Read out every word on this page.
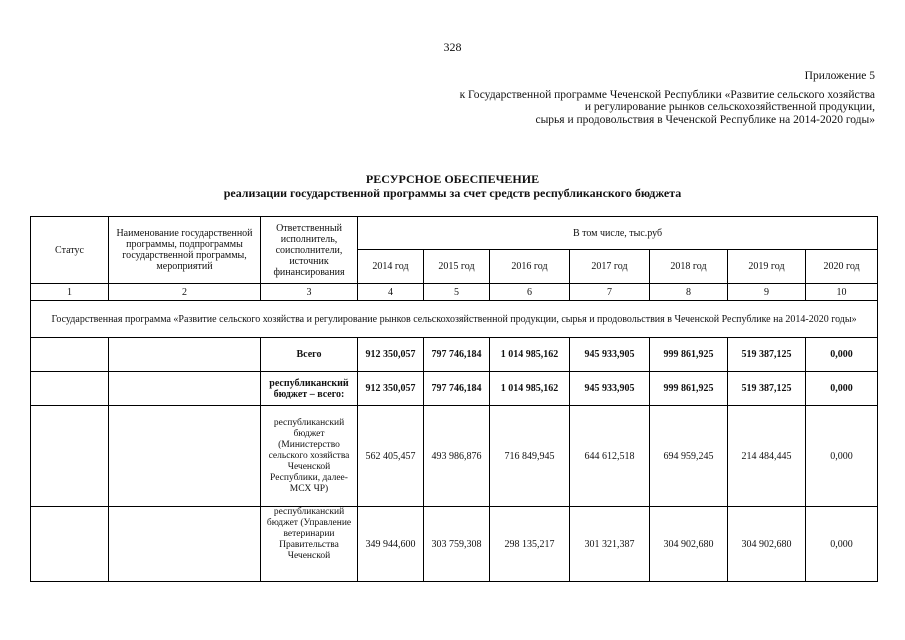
328
Приложение 5
к Государственной программе Чеченской Республики «Развитие сельского хозяйства
и регулирование рынков сельскохозяйственной продукции,
сырья и продовольствия в Чеченской Республике на 2014-2020 годы»
РЕСУРСНОЕ ОБЕСПЕЧЕНИЕ
реализации государственной программы за счет средств республиканского бюджета
Статус	Наименование государственной программы, подпрограммы государственной программы, мероприятий	Ответственный исполнитель, соисполнители, источник финансирования	В том числе, тыс.руб						
			2014 год	2015 год	2016 год	2017 год	2018 год	2019 год	2020 год
1	2	3	4	5	6	7	8	9	10
Государственная программа «Развитие сельского хозяйства и регулирование рынков сельскохозяйственной продукции, сырья и продовольствия в Чеченской Республике на 2014-2020 годы»									
		Всего	912 350,057	797 746,184	1 014 985,162	945 933,905	999 861,925	519 387,125	0,000
		республиканский бюджет – всего:	912 350,057	797 746,184	1 014 985,162	945 933,905	999 861,925	519 387,125	0,000
		республиканский бюджет (Министерство сельского хозяйства Чеченской Республики, далее-МСХ ЧР)	562 405,457	493 986,876	716 849,945	644 612,518	694 959,245	214 484,445	0,000
		республиканский бюджет (Управление ветеринарии Правительства Чеченской	349 944,600	303 759,308	298 135,217	301 321,387	304 902,680	304 902,680	0,000
